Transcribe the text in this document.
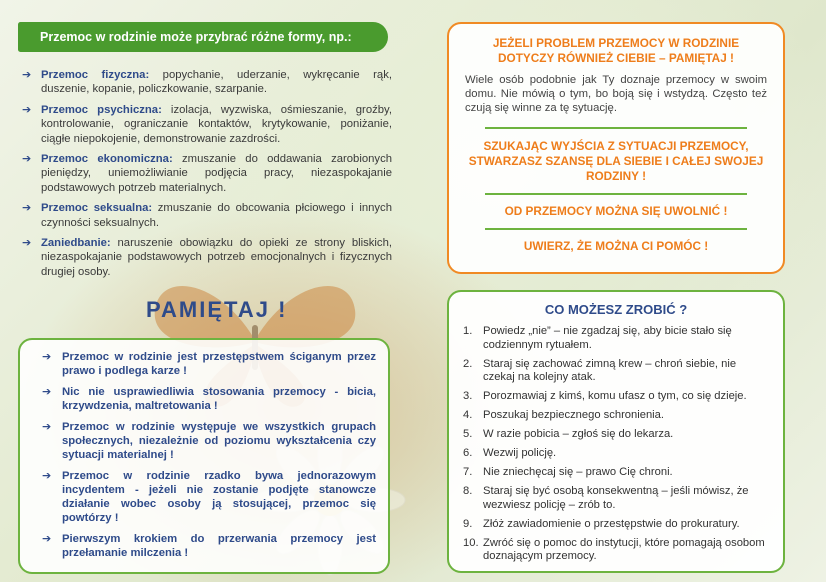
Przemoc w rodzinie może przybrać różne formy, np.:
➔ Przemoc fizyczna: popychanie, uderzanie, wykręcanie rąk, duszenie, kopanie, policzkowanie, szarpanie.
➔ Przemoc psychiczna: izolacja, wyzwiska, ośmieszanie, groźby, kontrolowanie, ograniczanie kontaktów, krytykowanie, poniżanie, ciągłe niepokojenie, demonstrowanie zazdrości.
➔ Przemoc ekonomiczna: zmuszanie do oddawania zarobionych pieniędzy, uniemożliwianie podjęcia pracy, niezaspokajanie podstawowych potrzeb materialnych.
➔ Przemoc seksualna: zmuszanie do obcowania płciowego i innych czynności seksualnych.
➔ Zaniedbanie: naruszenie obowiązku do opieki ze strony bliskich, niezaspokajanie podstawowych potrzeb emocjonalnych i fizycznych drugiej osoby.
PAMIĘTAJ !
➔ Przemoc w rodzinie jest przestępstwem ściganym przez prawo i podlega karze !
➔ Nic nie usprawiedliwia stosowania przemocy - bicia, krzywdzenia, maltretowania !
➔ Przemoc w rodzinie występuje we wszystkich grupach społecznych, niezależnie od poziomu wykształcenia czy sytuacji materialnej !
➔ Przemoc w rodzinie rzadko bywa jednorazowym incydentem - jeżeli nie zostanie podjęte stanowcze działanie wobec osoby ją stosującej, przemoc się powtórzy !
➔ Pierwszym krokiem do przerwania przemocy jest przełamanie milczenia !
JEŻELI PROBLEM PRZEMOCY W RODZINIE DOTYCZY RÓWNIEŻ CIEBIE – PAMIĘTAJ !
Wiele osób podobnie jak Ty doznaje przemocy w swoim domu. Nie mówią o tym, bo boją się i wstydzą. Często też czują się winne za tę sytuację.
SZUKAJĄC WYJŚCIA Z SYTUACJI PRZEMOCY, STWARZASZ SZANSĘ DLA SIEBIE I CAŁEJ SWOJEJ RODZINY !
OD PRZEMOCY MOŻNA SIĘ UWOLNIĆ !
UWIERZ, ŻE MOŻNA CI POMÓC !
CO MOŻESZ ZROBIĆ ?
1. Powiedz „nie” – nie zgadzaj się, aby bicie stało się codziennym rytuałem.
2. Staraj się zachować zimną krew – chroń siebie, nie czekaj na kolejny atak.
3. Porozmawiaj z kimś, komu ufasz o tym, co się dzieje.
4. Poszukaj bezpiecznego schronienia.
5. W razie pobicia – zgłoś się do lekarza.
6. Wezwij policję.
7. Nie zniechęcaj się – prawo Cię chroni.
8. Staraj się być osobą konsekwentną – jeśli mówisz, że wezwiesz policję – zrób to.
9. Złóż zawiadomienie o przestępstwie do prokuratury.
10. Zwróć się o pomoc do instytucji, które pomagają osobom doznającym przemocy.
